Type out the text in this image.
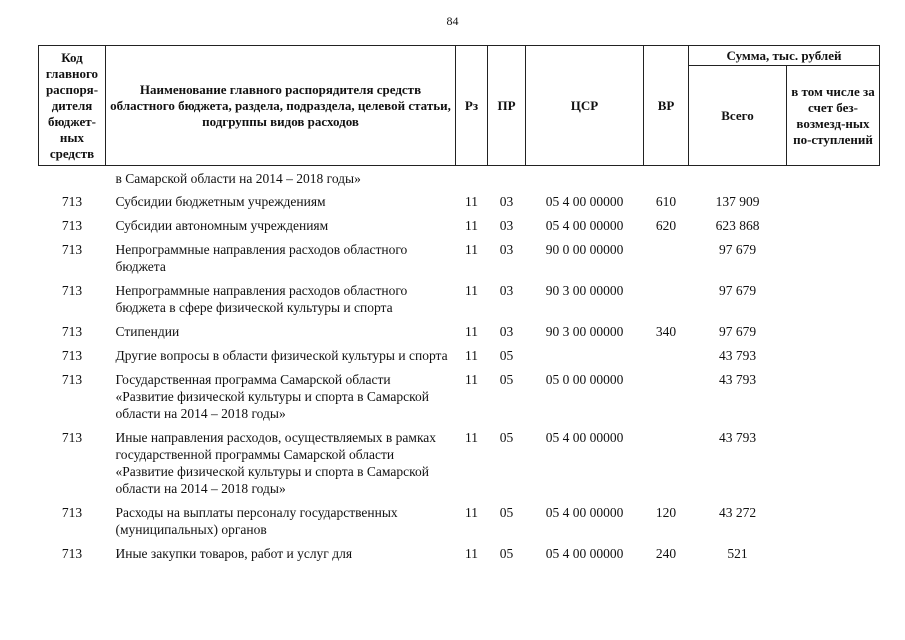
84
Код главного распоря-дителя бюджет-ных средств	Наименование главного распорядителя средств областного бюджета, раздела, подраздела, целевой статьи, подгруппы видов расходов	Рз	ПР	ЦСР	ВР	Сумма, тыс. рублей	
						Всего	в том числе за счет без-возмезд-ных по-ступлений
	в Самарской области на 2014 – 2018 годы»						
713	Субсидии бюджетным учреждениям	11	03	05 4 00 00000	610	137 909	
713	Субсидии автономным учреждениям	11	03	05 4 00 00000	620	623 868	
713	Непрограммные направления расходов областного бюджета	11	03	90 0 00 00000		97 679	
713	Непрограммные направления расходов областного бюджета в сфере физической культуры и спорта	11	03	90 3 00 00000		97 679	
713	Стипендии	11	03	90 3 00 00000	340	97 679	
713	Другие вопросы в области физической культуры и спорта	11	05			43 793	
713	Государственная программа Самарской области «Развитие физической культуры и спорта в Самарской области на 2014 – 2018 годы»	11	05	05 0 00 00000		43 793	
713	Иные направления расходов, осуществляемых в рамках государственной программы Самарской области «Развитие физической культуры и спорта в Самарской области на 2014 – 2018 годы»	11	05	05 4 00 00000		43 793	
713	Расходы на выплаты персоналу государственных (муниципальных) органов	11	05	05 4 00 00000	120	43 272	
713	Иные закупки товаров, работ и услуг для	11	05	05 4 00 00000	240	521	
